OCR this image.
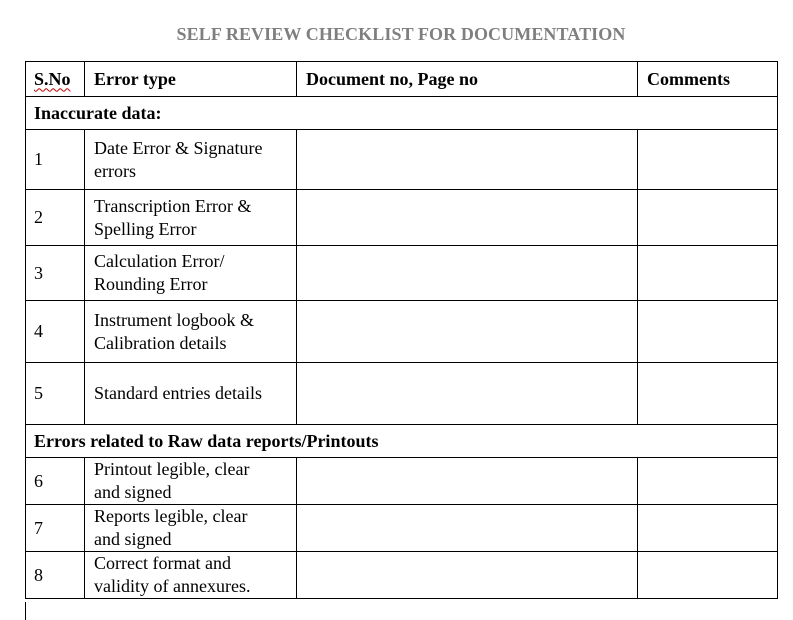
SELF REVIEW CHECKLIST FOR DOCUMENTATION
S.No	Error type	Document no, Page no	Comments
Inaccurate data:			
1	Date Error & Signature
errors		
2	Transcription Error &
Spelling Error		
3	Calculation Error/
Rounding Error		
4	Instrument logbook &
Calibration details		
5	Standard entries details		
Errors related to Raw data reports/Printouts			
6	Printout legible, clear
and signed		
7	Reports legible, clear
and signed		
8	Correct format and
validity of annexures.		
